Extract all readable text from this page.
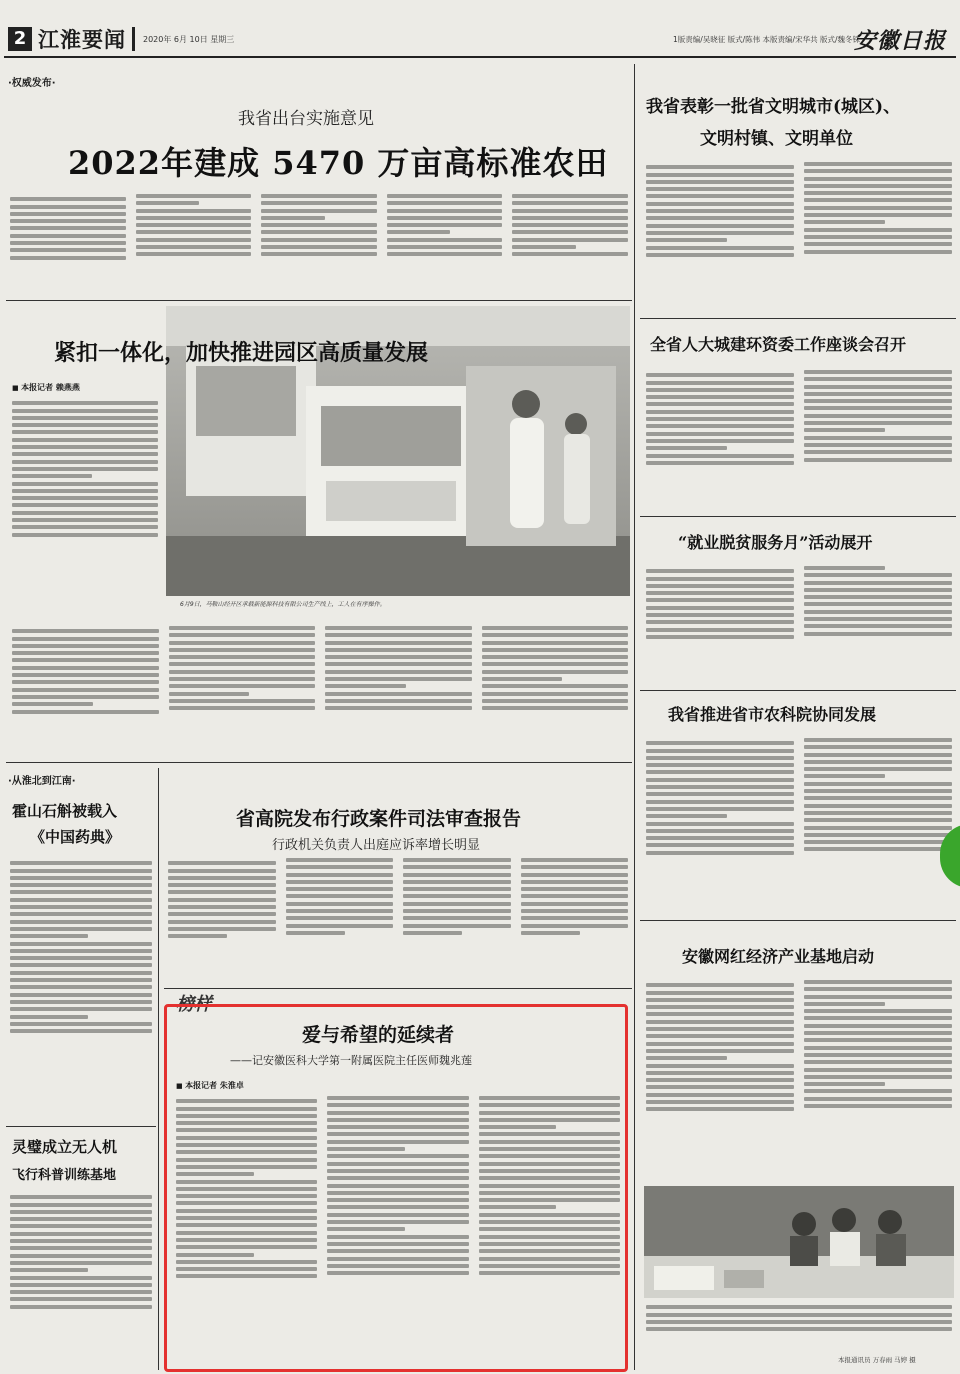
2 江淮要闻 2020年 6月 10日 星期三	1版责编/吴晓征 版式/陈伟 本版责编/宋华共 版式/魏冬铢
安徽日报
·权威发布·
·从淮北到江南·
我省出台实施意见
2022年建成 5470 万亩高标准农田
紧扣一体化，加快推进园区高质量发展
■ 本报记者 赖燕燕
6月9日，马鞍山经开区承载新能源科技有限公司生产线上，工人在有序操作。
我省表彰一批省文明城市(城区)、
文明村镇、文明单位
全省人大城建环资委工作座谈会召开
“就业脱贫服务月”活动展开
我省推进省市农科院协同发展
安徽网红经济产业基地启动
本报通讯员 万春雨 马婷 摄
省高院发布行政案件司法审查报告
行政机关负责人出庭应诉率增长明显
霍山石斛被载入
《中国药典》
灵璧成立无人机
飞行科普训练基地
榜样
爱与希望的延续者
——记安徽医科大学第一附属医院主任医师魏兆莲
■ 本报记者 朱淮卓
